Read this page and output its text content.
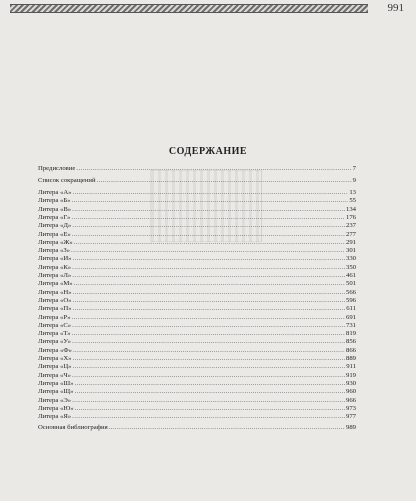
991
СОДЕРЖАНИЕ
Предисловие .....	7
Список сокращений .....	9
Литера «А» .....	13
Литера «Б» .....	55
Литера «В» .....	134
Литера «Г» .....	176
Литера «Д» .....	237
Литера «Е» .....	277
Литера «Ж» .....	291
Литера «З» .....	301
Литера «И» .....	330
Литера «К» .....	350
Литера «Л» .....	461
Литера «М» .....	501
Литера «Н» .....	566
Литера «О» .....	596
Литера «П» .....	611
Литера «Р» .....	691
Литера «С» .....	731
Литера «Т» .....	819
Литера «У» .....	856
Литера «Ф» .....	866
Литера «Х» .....	889
Литера «Ц» .....	911
Литера «Ч» .....	919
Литера «Ш» .....	930
Литера «Щ» .....	960
Литера «Э» .....	966
Литера «Ю» .....	973
Литера «Я» .....	977
Основная библиография .....	989
